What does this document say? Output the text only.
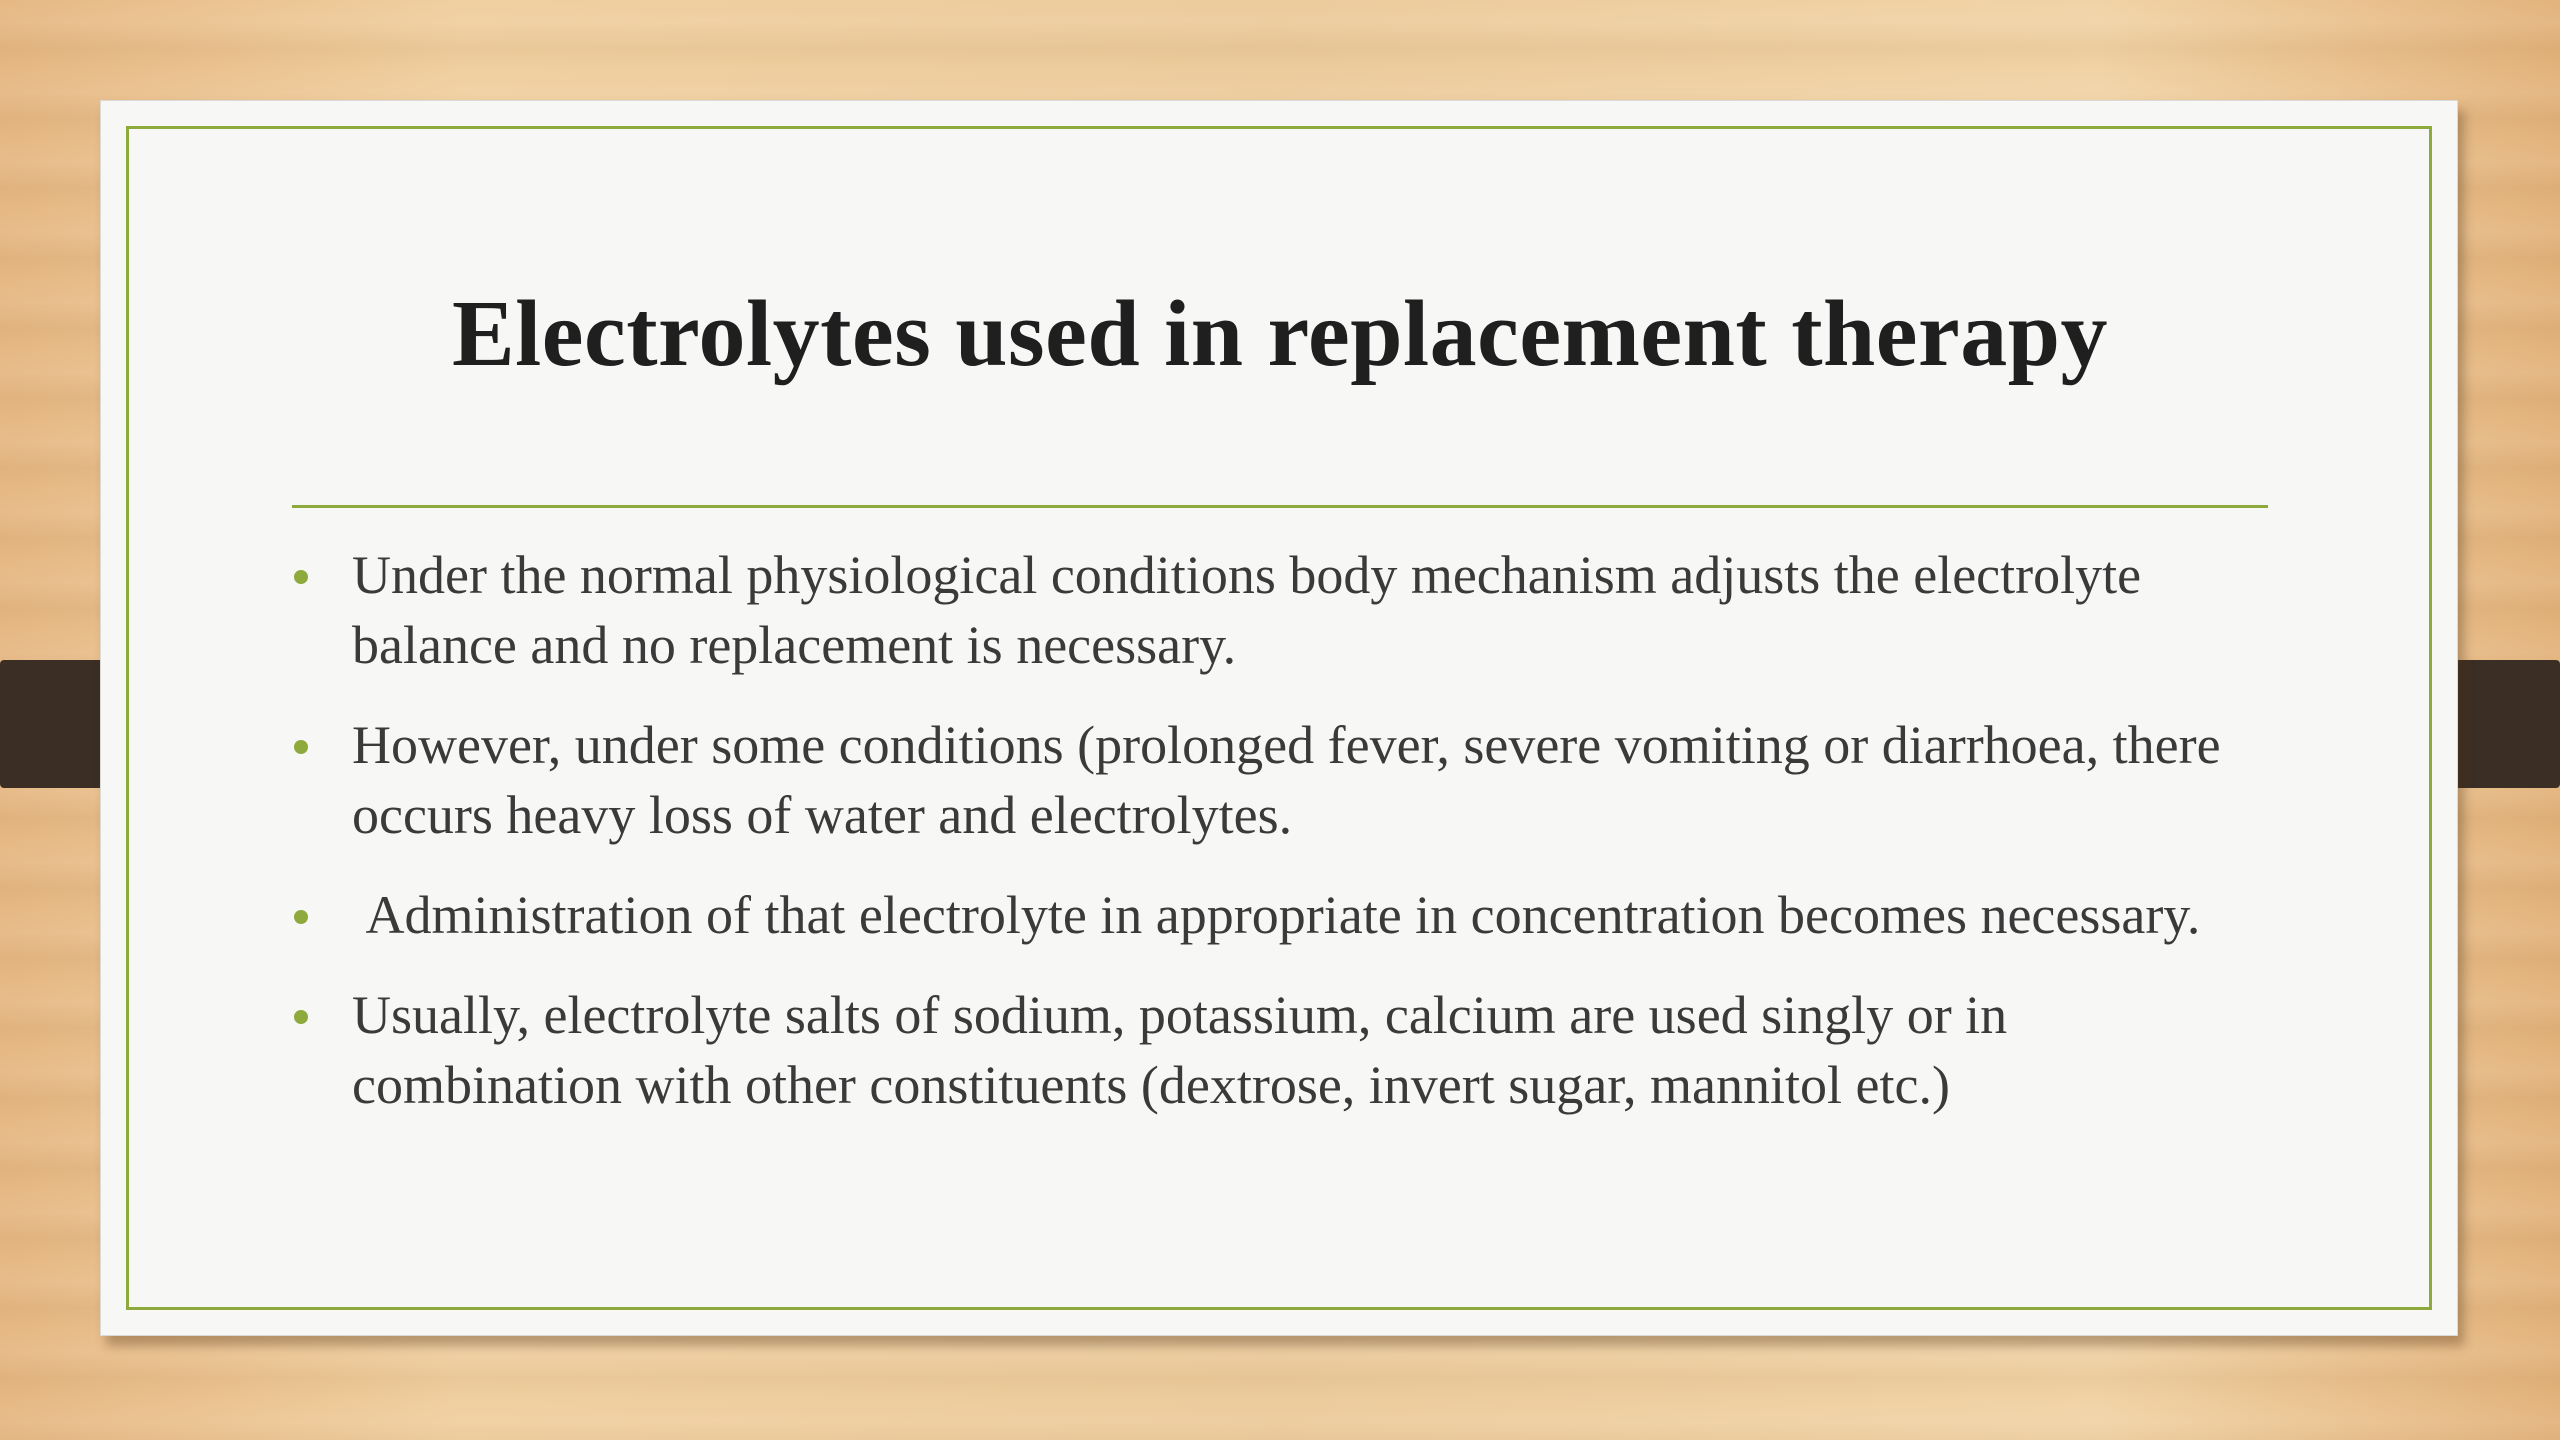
Electrolytes used in replacement therapy
Under the normal physiological conditions body mechanism adjusts the electrolyte balance and no replacement is necessary.
However, under some conditions (prolonged fever, severe vomiting or diarrhoea, there occurs heavy loss of water and electrolytes.
Administration of that electrolyte in appropriate in concentration becomes necessary.
Usually, electrolyte salts of sodium, potassium, calcium are used singly or in combination with other constituents (dextrose, invert sugar, mannitol etc.)
